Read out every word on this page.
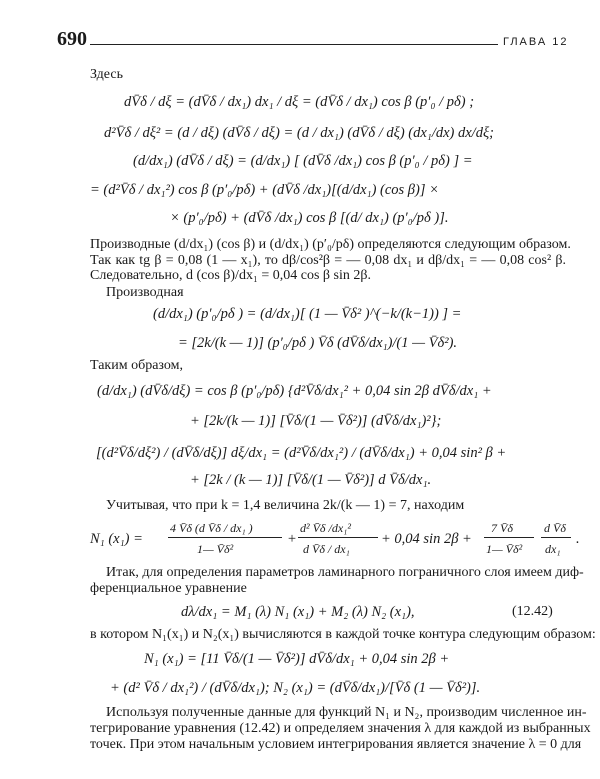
690	ГЛАВА 12
Здесь
dV̄δ / dξ = (dV̄δ / dx₁) dx₁ / dξ = (dV̄δ / dx₁) cos β (p′₀ / pδ) ;
d²V̄δ / dξ² = (d / dξ) (dV̄δ / dξ) = (d / dx₁) (dV̄δ / dξ) (dx₁/dx) dx/dξ;
(d/dx₁) (dV̄δ / dξ) = (d/dx₁) [ (dV̄δ /dx₁) cos β (p′₀ / pδ) ] =
= (d²V̄δ / dx₁²) cos β (p′₀/pδ) + (dV̄δ /dx₁)[(d/dx₁) (cos β)] ×
× (p′₀/pδ) + (dV̄δ /dx₁) cos β [(d/ dx₁) (p′₀/pδ )].
Производные (d/dx₁) (cos β) и (d/dx₁) (p′₀/pδ) определяются следующим образом.
Так как tg β = 0,08 (1 — x₁), то dβ/cos²β = — 0,08 dx₁ и dβ/dx₁ = — 0,08 cos² β.
Следовательно, d (cos β)/dx₁ = 0,04 cos β sin 2β.
Производная
(d/dx₁) (p′₀/pδ ) = (d/dx₁)[ (1 — V̄δ² )^(−k/(k−1)) ] =
= [2k/(k — 1)] (p′₀/pδ ) V̄δ (dV̄δ/dx₁)/(1 — V̄δ²).
Таким образом,
(d/dx₁) (dV̄δ/dξ) = cos β (p′₀/pδ) {d²V̄δ/dx₁² + 0,04 sin 2β dV̄δ/dx₁ +
+ [2k/(k — 1)] [V̄δ/(1 — V̄δ²)] (dV̄δ/dx₁)²};
[(d²V̄δ/dξ²) / (dV̄δ/dξ)] dξ/dx₁ = (d²V̄δ/dx₁²) / (dV̄δ/dx₁) + 0,04 sin² β +
+ [2k / (k — 1)] [V̄δ/(1 — V̄δ²)] d V̄δ/dx₁.
Учитывая, что при k = 1,4 величина 2k/(k — 1) = 7, находим
N₁ (x₁) =
4 V̄δ (d V̄δ / dx₁ )
1— V̄δ²
+
d² V̄δ /dx₁²
d V̄δ / dx₁
+ 0,04 sin 2β +
7 V̄δ
1— V̄δ²
d V̄δ
dx₁
.
Итак, для определения параметров ламинарного пограничного слоя имеем диф-
ференциальное уравнение
dλ/dx₁ = M₁ (λ) N₁ (x₁) + M₂ (λ) N₂ (x₁),	(12.42)
в котором N₁(x₁) и N₂(x₁) вычисляются в каждой точке контура следующим образом:
N₁ (x₁) = [11 V̄δ/(1 — V̄δ²)] dV̄δ/dx₁ + 0,04 sin 2β +
+ (d² V̄δ / dx₁²) / (dV̄δ/dx₁); N₂ (x₁) = (dV̄δ/dx₁)/[V̄δ (1 — V̄δ²)].
Используя полученные данные для функций N₁ и N₂, производим численное ин-
тегрирование уравнения (12.42) и определяем значения λ для каждой из выбранных
точек. При этом начальным условием интегрирования является значение λ = 0 для
